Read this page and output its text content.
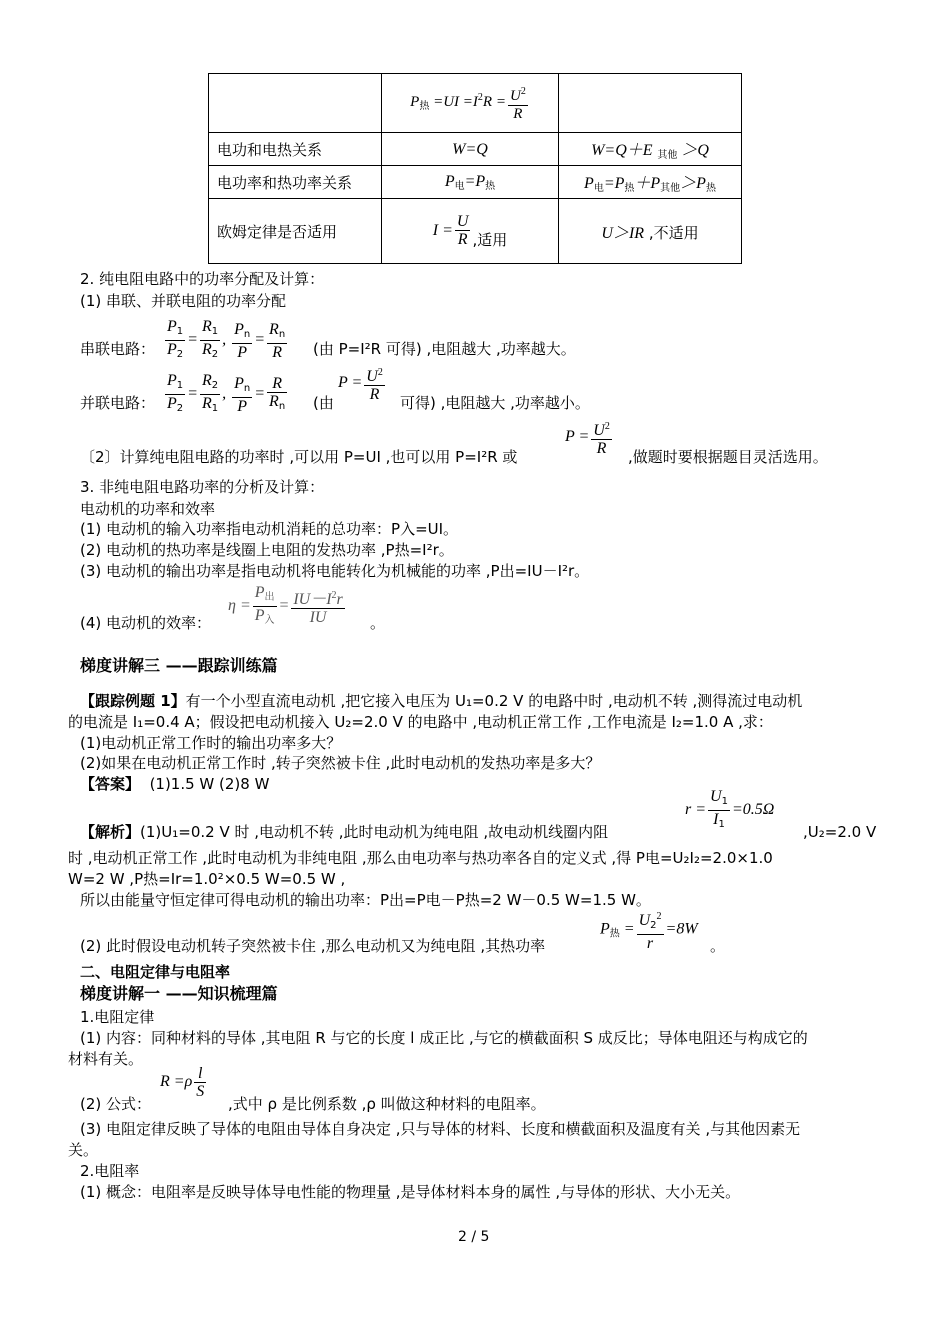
	$P_热 =UI =I^2R = \frac{U^2}{R}$

电功和电热关系	W=Q	W=Q＋E $_{其他}$ ＞Q
电功率和热功率关系	$P_电=P_热$	$P_电=P_热+P_{其他}>P_热$
欧姆定律是否适用	$I = \frac{U}{R}$ ,适用	U＞IR ,不适用
2. 纯电阻电路中的功率分配及计算：
(1) 串联、并联电阻的功率分配
串联电路： $\frac{P_1}{P_2} = \frac{R_1}{R_2}$ , $\frac{P_n}{P} = \frac{R_n}{R}$ (由 P=I²R 可得) ,电阻越大 ,功率越大。
并联电路： $\frac{P_1}{P_2} = \frac{R_2}{R_1}$ , $\frac{P_n}{P} = \frac{R}{R_n}$ (由
$P = \frac{U^2}{R}$ 可得) ,电阻越大 ,功率越小。
〔2〕计算纯电阻电路的功率时 ,可以用 P=UI ,也可以用 P=I²R 或
$P = \frac{U^2}{R}$ ,做题时要根据题目灵活选用。
3. 非纯电阻电路功率的分析及计算：
电动机的功率和效率
(1) 电动机的输入功率指电动机消耗的总功率：P入=UI。
(2) 电动机的热功率是线圈上电阻的发热功率 ,P热=I²r。
(3) 电动机的输出功率是指电动机将电能转化为机械能的功率 ,P出=IU－I²r。
(4) 电动机的效率：
$\eta = \frac{P_出}{P_入} = \frac{IU-I^2r}{IU}$ 。
梯度讲解三 ——跟踪训练篇
【跟踪例题 1】有一个小型直流电动机 ,把它接入电压为 U₁=0.2 V 的电路中时 ,电动机不转 ,测得流过电动机
的电流是 I₁=0.4 A；假设把电动机接入 U₂=2.0 V 的电路中 ,电动机正常工作 ,工作电流是 I₂=1.0 A ,求：
(1)电动机正常工作时的输出功率多大？
(2)如果在电动机正常工作时 ,转子突然被卡住 ,此时电动机的发热功率是多大？
【答案】 (1)1.5 W (2)8 W
$r = \frac{U_1}{I_1} =0.5\Omega$
【解析】(1)U₁=0.2 V 时 ,电动机不转 ,此时电动机为纯电阻 ,故电动机线圈内阻	,U₂=2.0 V
时 ,电动机正常工作 ,此时电动机为非纯电阻 ,那么由电功率与热功率各自的定义式 ,得 P电=U₂I₂=2.0×1.0
W=2 W ,P热=Ir=1.0²×0.5 W=0.5 W ,
所以由能量守恒定律可得电动机的输出功率：P出=P电－P热=2 W－0.5 W=1.5 W。
(2) 此时假设电动机转子突然被卡住 ,那么电动机又为纯电阻 ,其热功率
$P_热 = \frac{U_2^2}{r} =8W$
。
二、电阻定律与电阻率
梯度讲解一 ——知识梳理篇
1.电阻定律
(1) 内容：同种材料的导体 ,其电阻 R 与它的长度 l 成正比 ,与它的横截面积 S 成反比；导体电阻还与构成它的
材料有关。
(2) 公式：
$R =\rho \frac{l}{S}$
,式中 ρ 是比例系数 ,ρ 叫做这种材料的电阻率。
(3) 电阻定律反映了导体的电阻由导体自身决定 ,只与导体的材料、长度和横截面积及温度有关 ,与其他因素无
关。
2.电阻率
(1) 概念：电阻率是反映导体导电性能的物理量 ,是导体材料本身的属性 ,与导体的形状、大小无关。
2 / 5
